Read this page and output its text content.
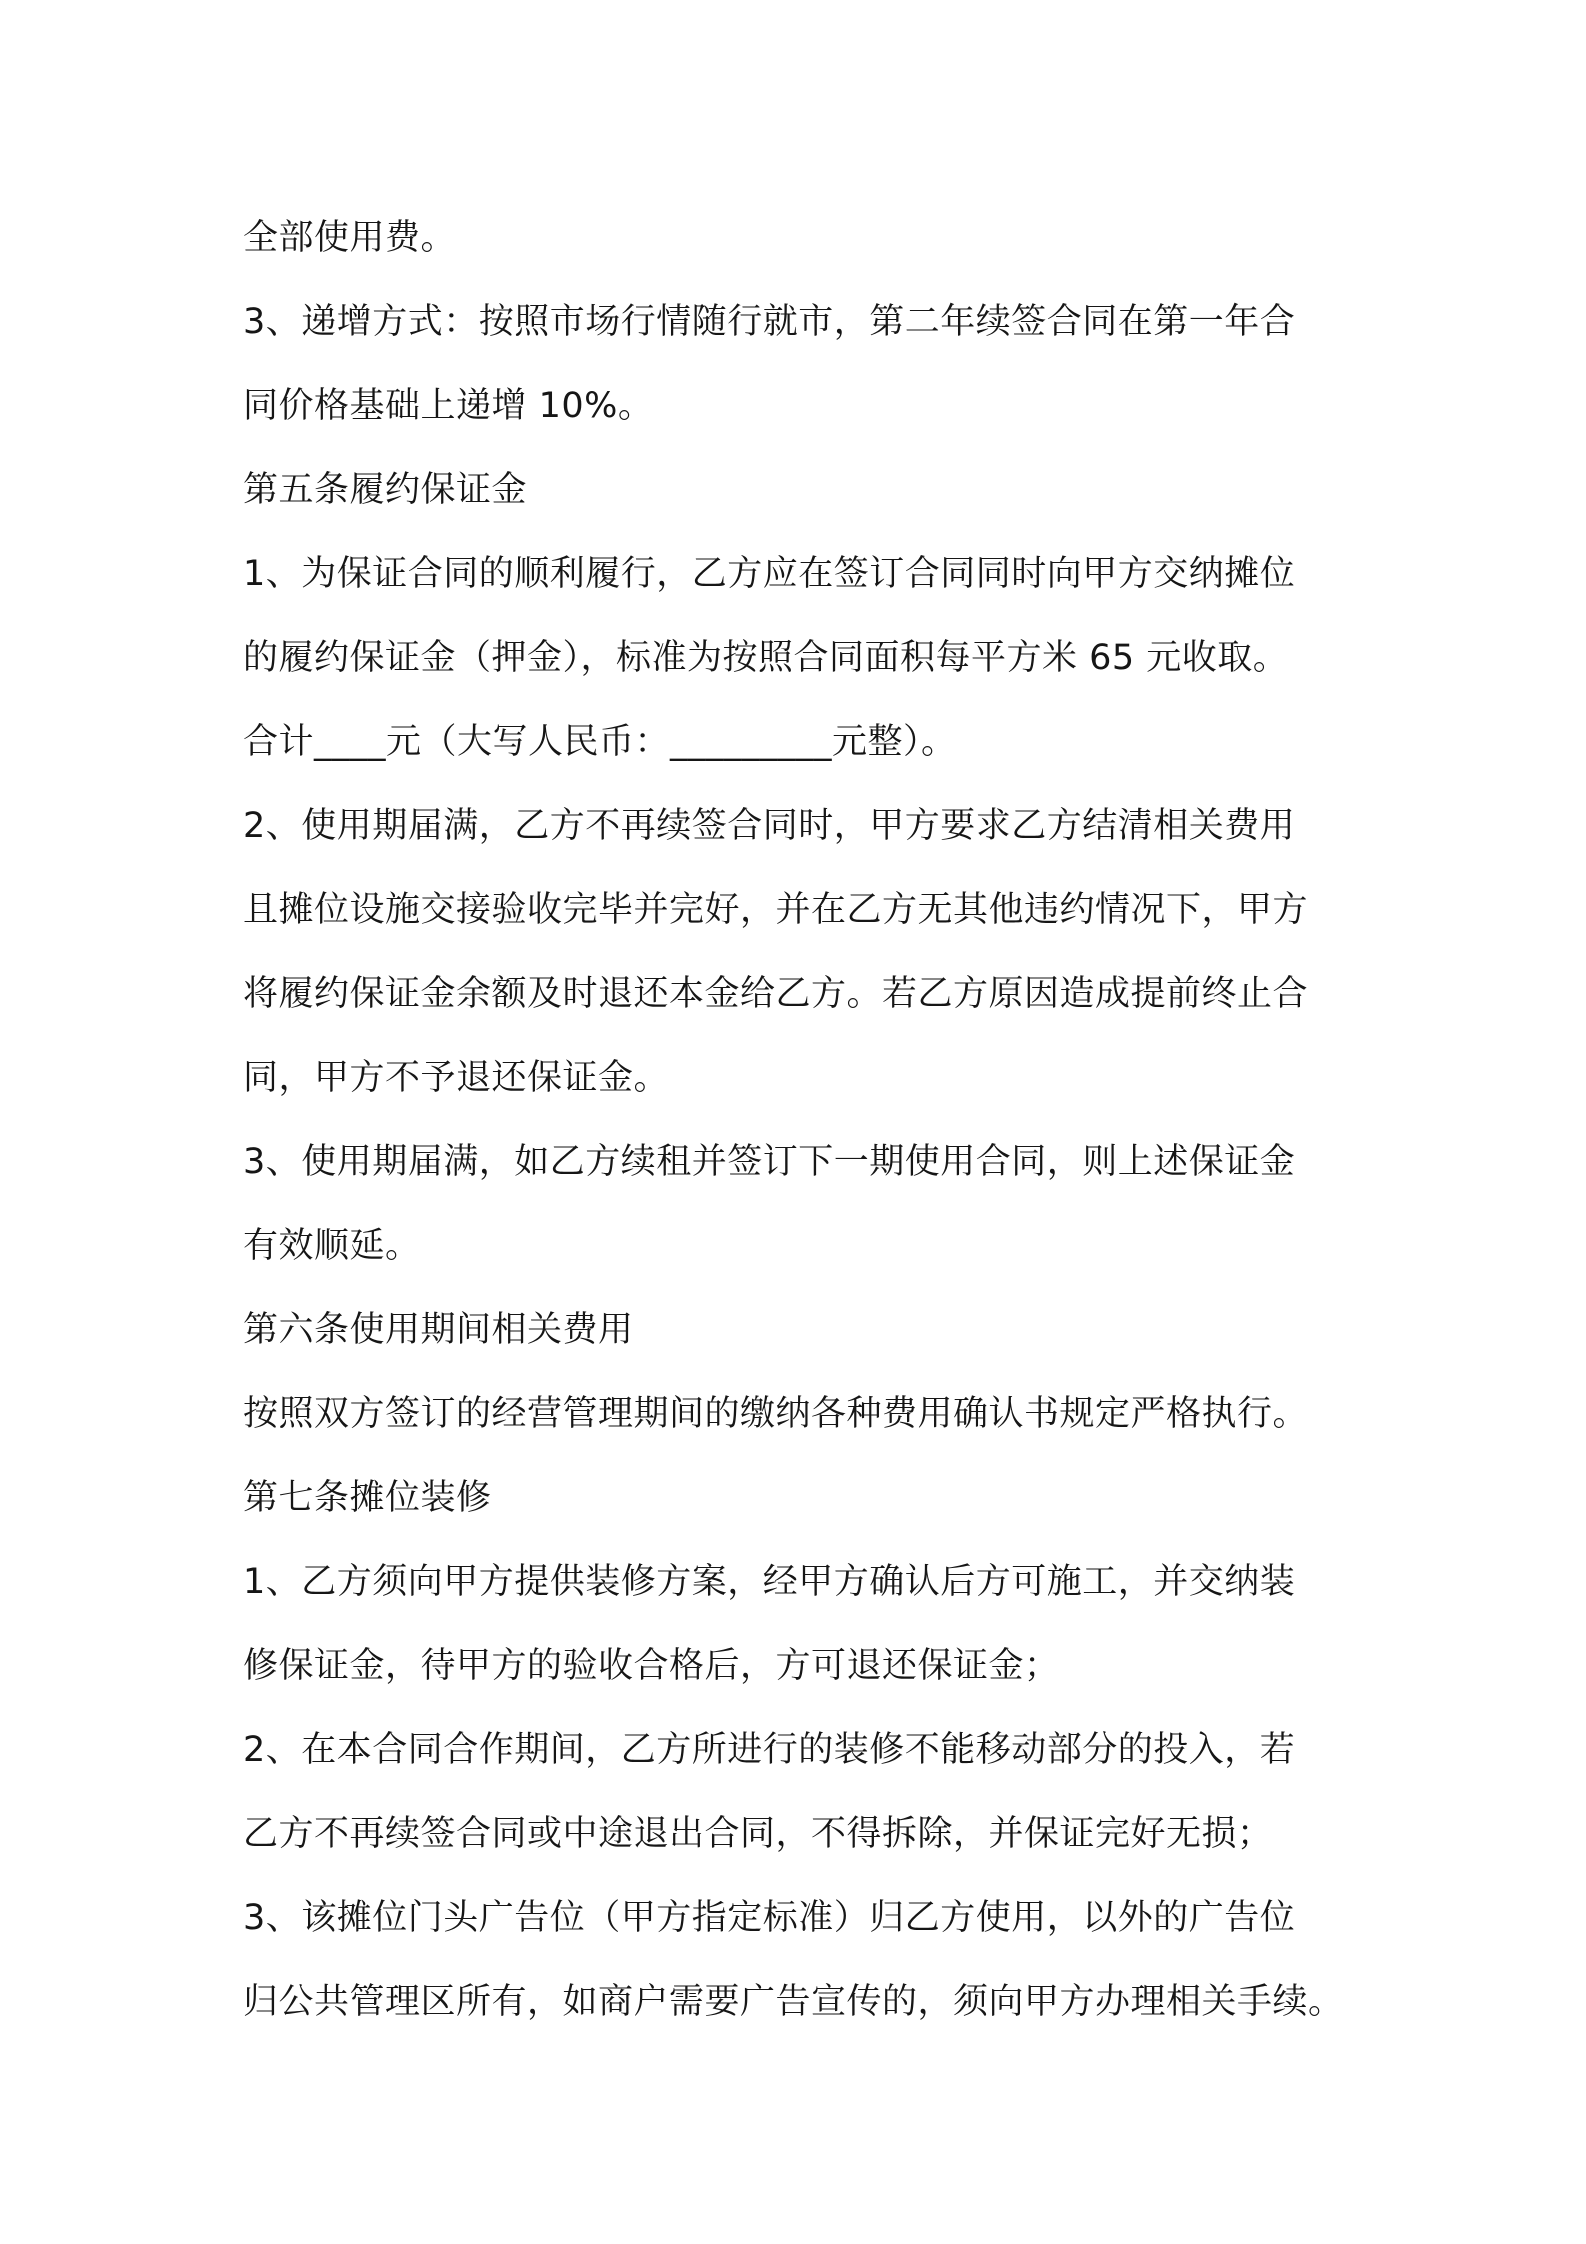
全部使用费。
3、递增方式：按照市场行情随行就市，第二年续签合同在第一年合
同价格基础上递增 10%。
第五条履约保证金
1、为保证合同的顺利履行，乙方应在签订合同同时向甲方交纳摊位
的履约保证金（押金），标准为按照合同面积每平方米 65 元收取。
合计____元（大写人民币：_________元整）。
2、使用期届满，乙方不再续签合同时，甲方要求乙方结清相关费用
且摊位设施交接验收完毕并完好，并在乙方无其他违约情况下，甲方
将履约保证金余额及时退还本金给乙方。若乙方原因造成提前终止合
同，甲方不予退还保证金。
3、使用期届满，如乙方续租并签订下一期使用合同，则上述保证金
有效顺延。
第六条使用期间相关费用
按照双方签订的经营管理期间的缴纳各种费用确认书规定严格执行。
第七条摊位装修
1、乙方须向甲方提供装修方案，经甲方确认后方可施工，并交纳装
修保证金，待甲方的验收合格后，方可退还保证金；
2、在本合同合作期间，乙方所进行的装修不能移动部分的投入，若
乙方不再续签合同或中途退出合同，不得拆除，并保证完好无损；
3、该摊位门头广告位（甲方指定标准）归乙方使用，以外的广告位
归公共管理区所有，如商户需要广告宣传的，须向甲方办理相关手续。
